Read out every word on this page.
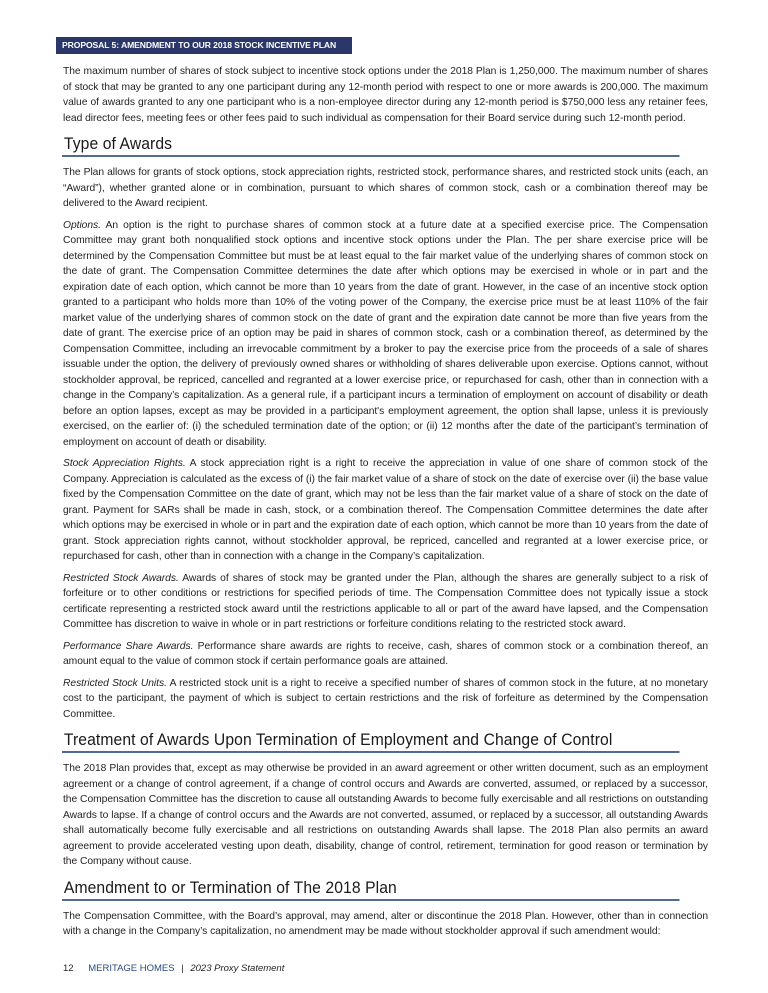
PROPOSAL 5: AMENDMENT TO OUR 2018 STOCK INCENTIVE PLAN

The maximum number of shares of stock subject to incentive stock options under the 2018 Plan is 1,250,000. The maximum number of shares of stock that may be granted to any one participant during any 12-month period with respect to one or more awards is 200,000. The maximum value of awards granted to any one participant who is a non-employee director during any 12-month period is $750,000 less any retainer fees, lead director fees, meeting fees or other fees paid to such individual as compensation for their Board service during such 12-month period.

Type of Awards

The Plan allows for grants of stock options, stock appreciation rights, restricted stock, performance shares, and restricted stock units (each, an “Award”), whether granted alone or in combination, pursuant to which shares of common stock, cash or a combination thereof may be delivered to the Award recipient.

Options. An option is the right to purchase shares of common stock at a future date at a specified exercise price. The Compensation Committee may grant both nonqualified stock options and incentive stock options under the Plan. The per share exercise price will be determined by the Compensation Committee but must be at least equal to the fair market value of the underlying shares of common stock on the date of grant. The Compensation Committee determines the date after which options may be exercised in whole or in part and the expiration date of each option, which cannot be more than 10 years from the date of grant. However, in the case of an incentive stock option granted to a participant who holds more than 10% of the voting power of the Company, the exercise price must be at least 110% of the fair market value of the underlying shares of common stock on the date of grant and the expiration date cannot be more than five years from the date of grant. The exercise price of an option may be paid in shares of common stock, cash or a combination thereof, as determined by the Compensation Committee, including an irrevocable commitment by a broker to pay the exercise price from the proceeds of a sale of shares issuable under the option, the delivery of previously owned shares or withholding of shares deliverable upon exercise. Options cannot, without stockholder approval, be repriced, cancelled and regranted at a lower exercise price, or repurchased for cash, other than in connection with a change in the Company’s capitalization. As a general rule, if a participant incurs a termination of employment on account of disability or death before an option lapses, except as may be provided in a participant's employment agreement, the option shall lapse, unless it is previously exercised, on the earlier of: (i) the scheduled termination date of the option; or (ii) 12 months after the date of the participant’s termination of employment on account of death or disability.

Stock Appreciation Rights. A stock appreciation right is a right to receive the appreciation in value of one share of common stock of the Company. Appreciation is calculated as the excess of (i) the fair market value of a share of stock on the date of exercise over (ii) the base value fixed by the Compensation Committee on the date of grant, which may not be less than the fair market value of a share of stock on the date of grant. Payment for SARs shall be made in cash, stock, or a combination thereof. The Compensation Committee determines the date after which options may be exercised in whole or in part and the expiration date of each option, which cannot be more than 10 years from the date of grant. Stock appreciation rights cannot, without stockholder approval, be repriced, cancelled and regranted at a lower exercise price, or repurchased for cash, other than in connection with a change in the Company’s capitalization.

Restricted Stock Awards. Awards of shares of stock may be granted under the Plan, although the shares are generally subject to a risk of forfeiture or to other conditions or restrictions for specified periods of time. The Compensation Committee does not typically issue a stock certificate representing a restricted stock award until the restrictions applicable to all or part of the award have lapsed, and the Compensation Committee has discretion to waive in whole or in part restrictions or forfeiture conditions relating to the restricted stock award.

Performance Share Awards. Performance share awards are rights to receive, cash, shares of common stock or a combination thereof, an amount equal to the value of common stock if certain performance goals are attained.

Restricted Stock Units. A restricted stock unit is a right to receive a specified number of shares of common stock in the future, at no monetary cost to the participant, the payment of which is subject to certain restrictions and the risk of forfeiture as determined by the Compensation Committee.

Treatment of Awards Upon Termination of Employment and Change of Control

The 2018 Plan provides that, except as may otherwise be provided in an award agreement or other written document, such as an employment agreement or a change of control agreement, if a change of control occurs and Awards are converted, assumed, or replaced by a successor, the Compensation Committee has the discretion to cause all outstanding Awards to become fully exercisable and all restrictions on outstanding Awards to lapse. If a change of control occurs and the Awards are not converted, assumed, or replaced by a successor, all outstanding Awards shall automatically become fully exercisable and all restrictions on outstanding Awards shall lapse. The 2018 Plan also permits an award agreement to provide accelerated vesting upon death, disability, change of control, retirement, termination for good reason or termination by the Company without cause.

Amendment to or Termination of The 2018 Plan

The Compensation Committee, with the Board’s approval, may amend, alter or discontinue the 2018 Plan. However, other than in connection with a change in the Company’s capitalization, no amendment may be made without stockholder approval if such amendment would:

12 MERITAGE HOMES | 2023 Proxy Statement
